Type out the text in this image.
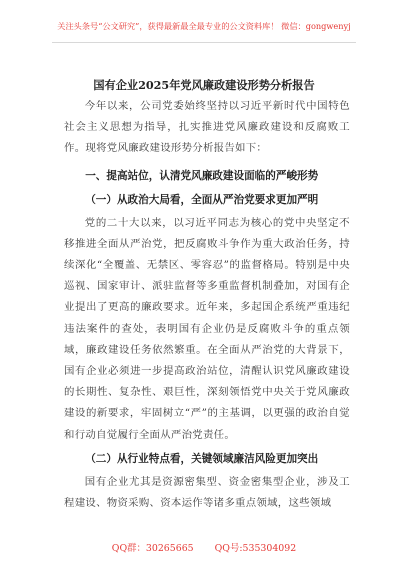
关注头条号“公文研究”，获得最新最全最专业的公文资料库！ 微信：gongwenyj
国有企业2025年党风廉政建设形势分析报告

今年以来，公司党委始终坚持以习近平新时代中国特色社会主义思想为指导，扎实推进党风廉政建设和反腐败工作。现将党风廉政建设形势分析报告如下：

一、提高站位，认清党风廉政建设面临的严峻形势
（一）从政治大局看，全面从严治党要求更加严明

党的二十大以来，以习近平同志为核心的党中央坚定不移推进全面从严治党，把反腐败斗争作为重大政治任务，持续深化“全覆盖、无禁区、零容忍”的监督格局。特别是中央巡视、国家审计、派驻监督等多重监督机制叠加，对国有企业提出了更高的廉政要求。近年来，多起国企系统严重违纪违法案件的查处，表明国有企业仍是反腐败斗争的重点领域，廉政建设任务依然繁重。在全面从严治党的大背景下，国有企业必须进一步提高政治站位，清醒认识党风廉政建设的长期性、复杂性、艰巨性，深刻领悟党中央关于党风廉政建设的新要求，牢固树立“严”的主基调，以更强的政治自觉和行动自觉履行全面从严治党责任。

（二）从行业特点看，关键领域廉洁风险更加突出

国有企业尤其是资源密集型、资金密集型企业，涉及工程建设、物资采购、资本运作等诸多重点领域，这些领域

QQ群：30265665 QQ号:535304092
